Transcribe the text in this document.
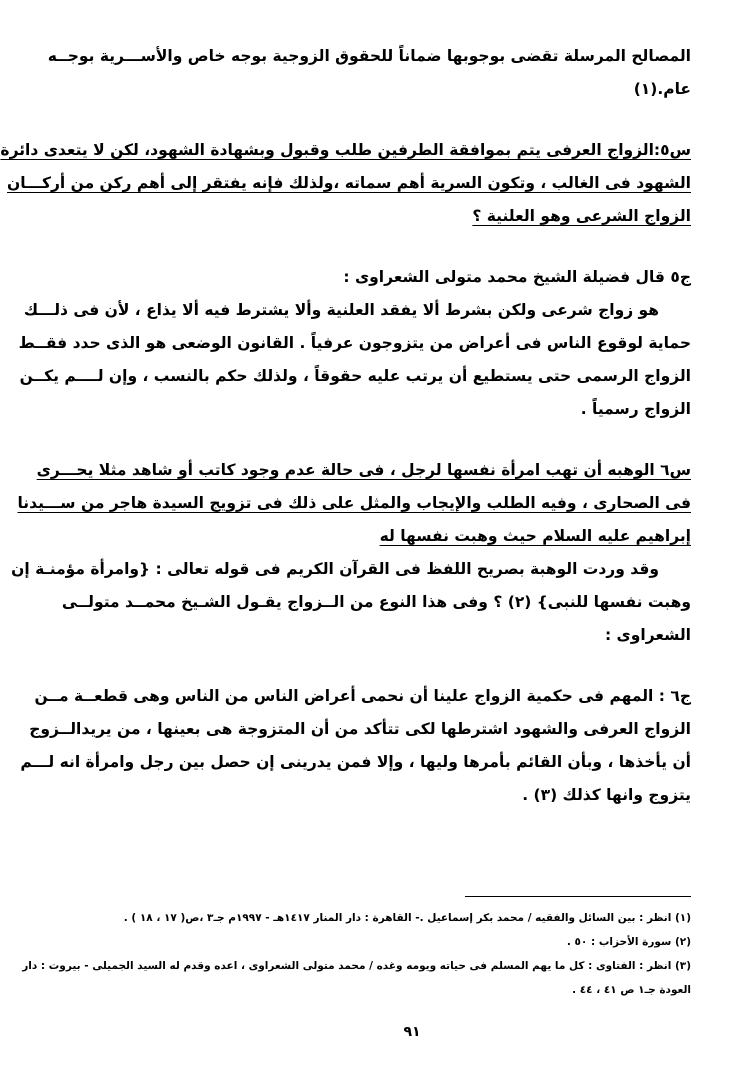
المصالح المرسلة تقضى بوجوبها ضماناً للحقوق الزوجية بوجه خاص والأســـرية بوجــه
عام.(١)
س٥:الزواج العرفى يتم بموافقة الطرفين طلب وقبول وبشهادة الشهود، لكن لا يتعدى دائرة
الشهود فى الغالب ، وتكون السرية أهم سماته ،ولذلك فإنه يفتقر إلى أهم ركن من أركـــان
الزواج الشرعى وهو العلنية ؟
ج٥ قال فضيلة الشيخ محمد متولى الشعراوى :
هو زواج شرعى ولكن بشرط ألا يفقد العلنية وألا يشترط فيه ألا يذاع ، لأن فى ذلـــك
حماية لوقوع الناس فى أعراض من يتزوجون عرفياً . القانون الوضعى هو الذى حدد فقــط
الزواج الرسمى حتى يستطيع أن يرتب عليه حقوقاً ، ولذلك حكم بالنسب ، وإن لــــم يكــن
الزواج رسمياً .
س٦ الوهبه أن تهب امرأة نفسها لرجل ، فى حالة عدم وجود كاتب أو شاهد مثلا يحـــرى
فى الصحارى ، وفيه الطلب والإيجاب والمثل على ذلك فى تزويج السيدة هاجر من ســـيدنا
إبراهيم عليه السلام حيث وهبت نفسها له
وقد وردت الوهبة بصريح اللفظ فى القرآن الكريم فى قوله تعالى : {وامرأة مؤمنـة إن
وهبت نفسها للنبى} (٢) ؟ وفى هذا النوع من الــزواج يقـول الشـيخ محمــد متولــى
الشعراوى :
ج٦ : المهم فى حكمية الزواج علينا أن نحمى أعراض الناس من الناس وهى قطعــة مــن
الزواج العرفى والشهود اشترطها لكى تتأكد من أن المتزوجة هى بعينها ، من يريدالــزوج
أن يأخذها ، وبأن القائم بأمرها وليها ، وإلا فمن يدرينى إن حصل بين رجل وامرأة انه لـــم
يتزوج وانها كذلك (٣) .
(١) انظر : بين السائل والفقيه / محمد بكر إسماعيل .- القاهرة : دار المنار ١٤١٧هـ - ١٩٩٧م جـ٣ ،ص( ١٧ ، ١٨ ) .
(٢) سورة الأحزاب : ٥٠ .
(٣) انظر : الفتاوى : كل ما يهم المسلم فى حياته ويومه وغده / محمد متولى الشعراوى ، اعده وقدم له السيد الجميلى - بيروت : دار
العودة جـ١ ص ٤١ ، ٤٤ .
٩١
